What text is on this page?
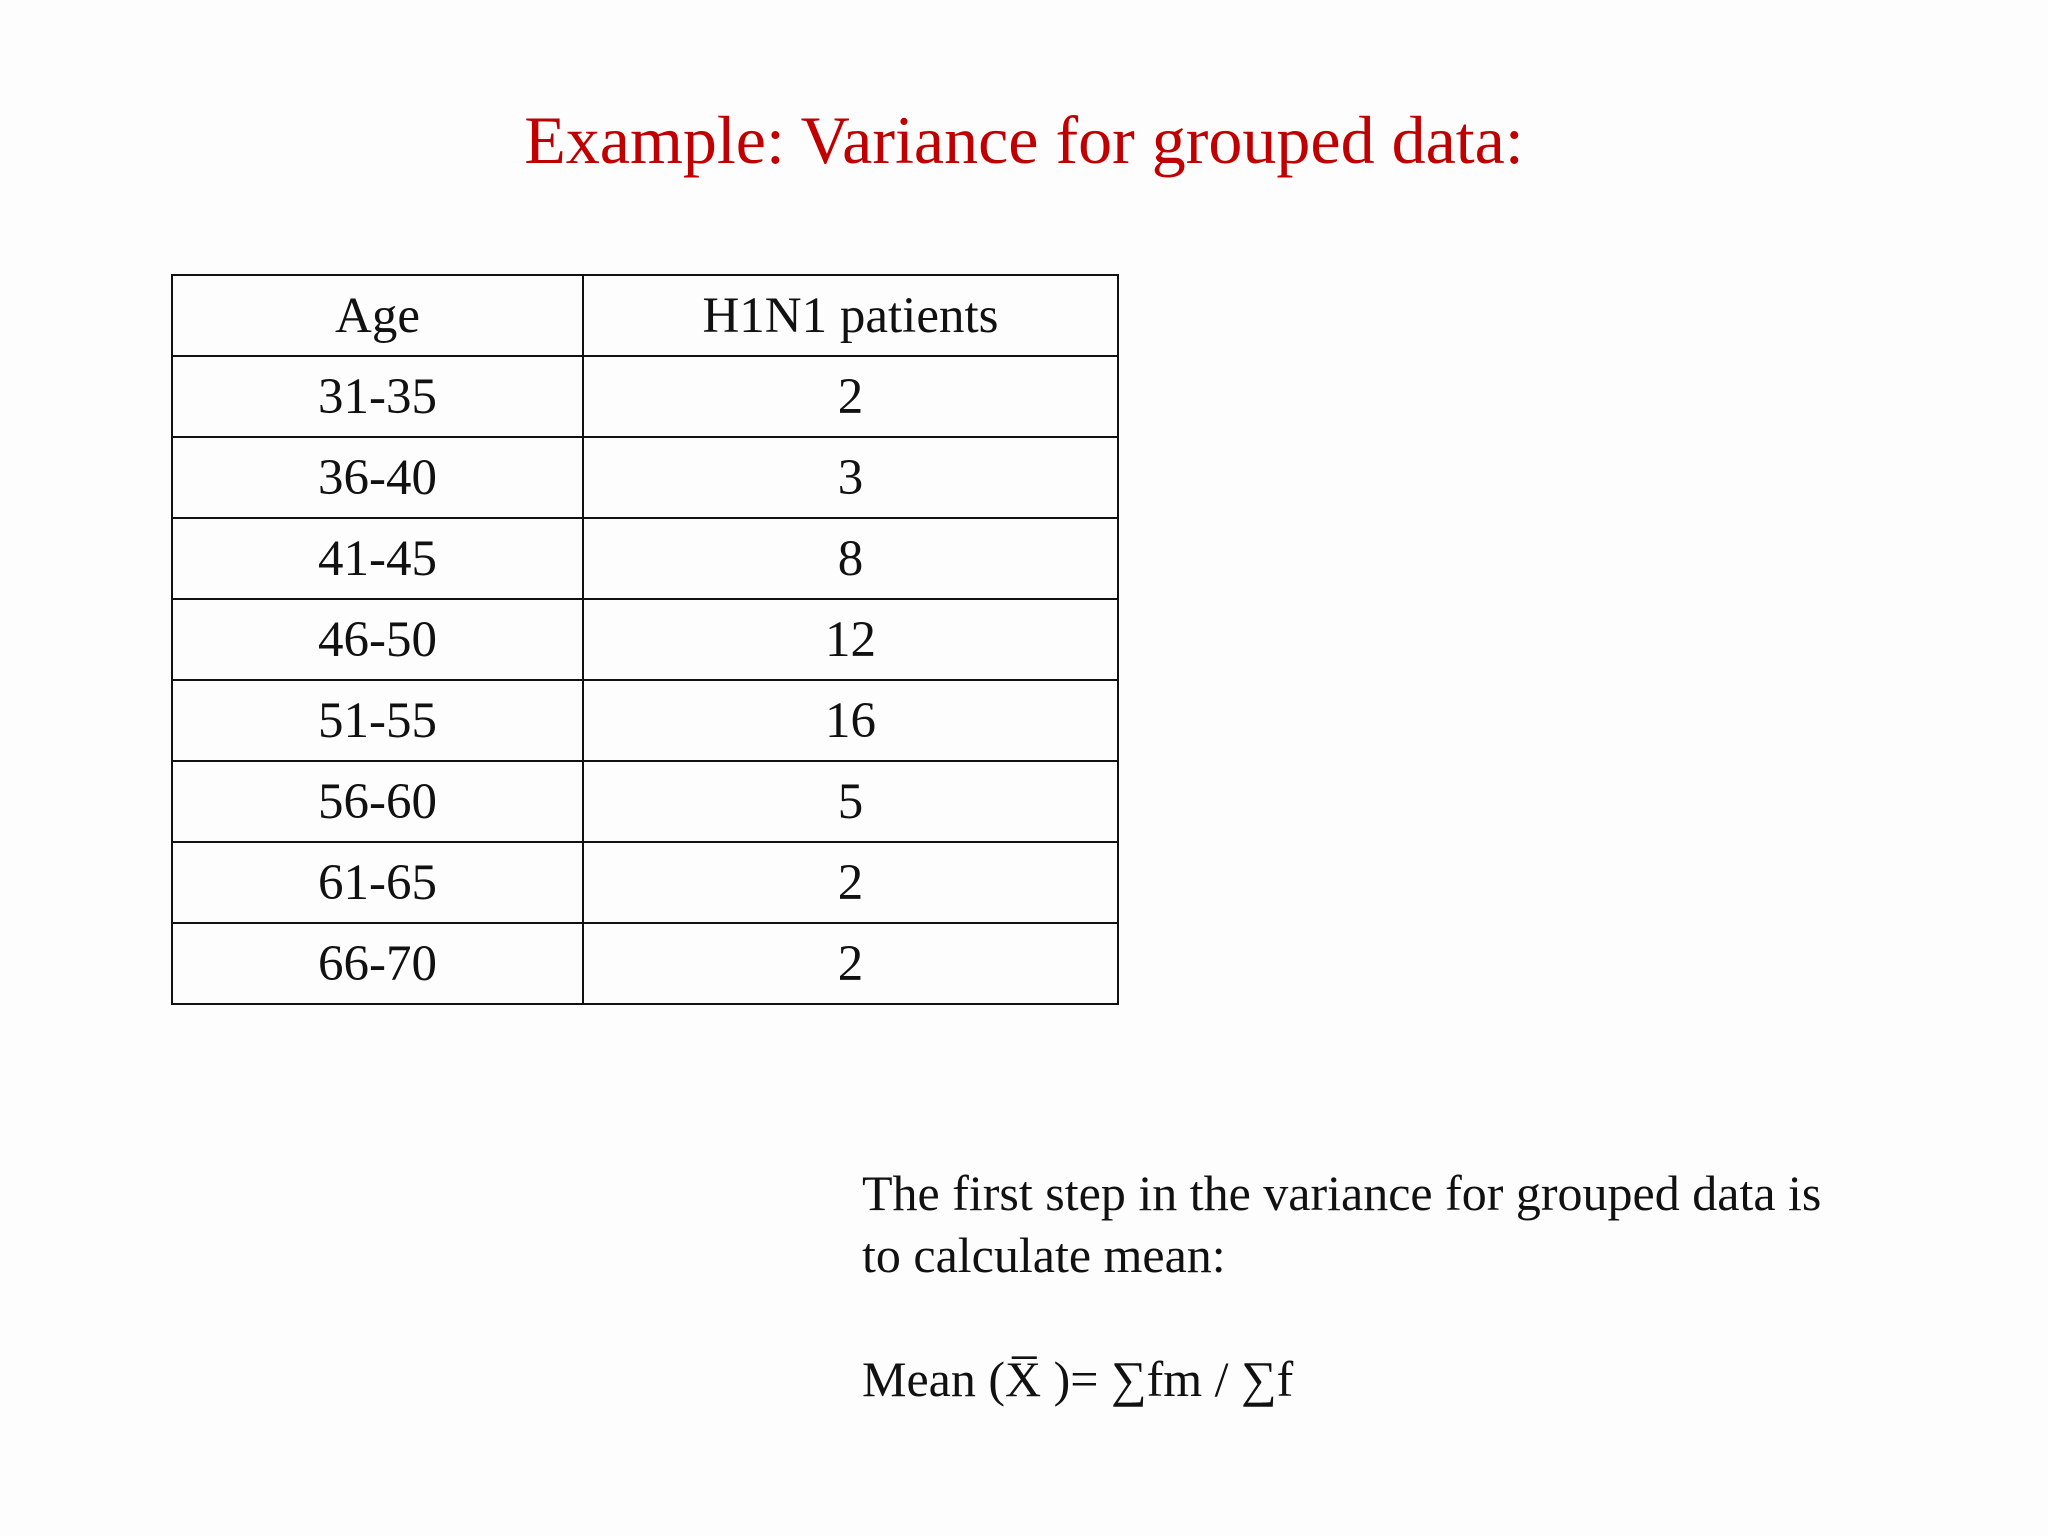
Example: Variance for grouped data:
Age	H1N1 patients
31-35	2
36-40	3
41-45	8
46-50	12
51-55	16
56-60	5
61-65	2
66-70	2
The first step in the variance for grouped data is
to calculate mean:
Mean (X̅ )= ∑fm / ∑f
